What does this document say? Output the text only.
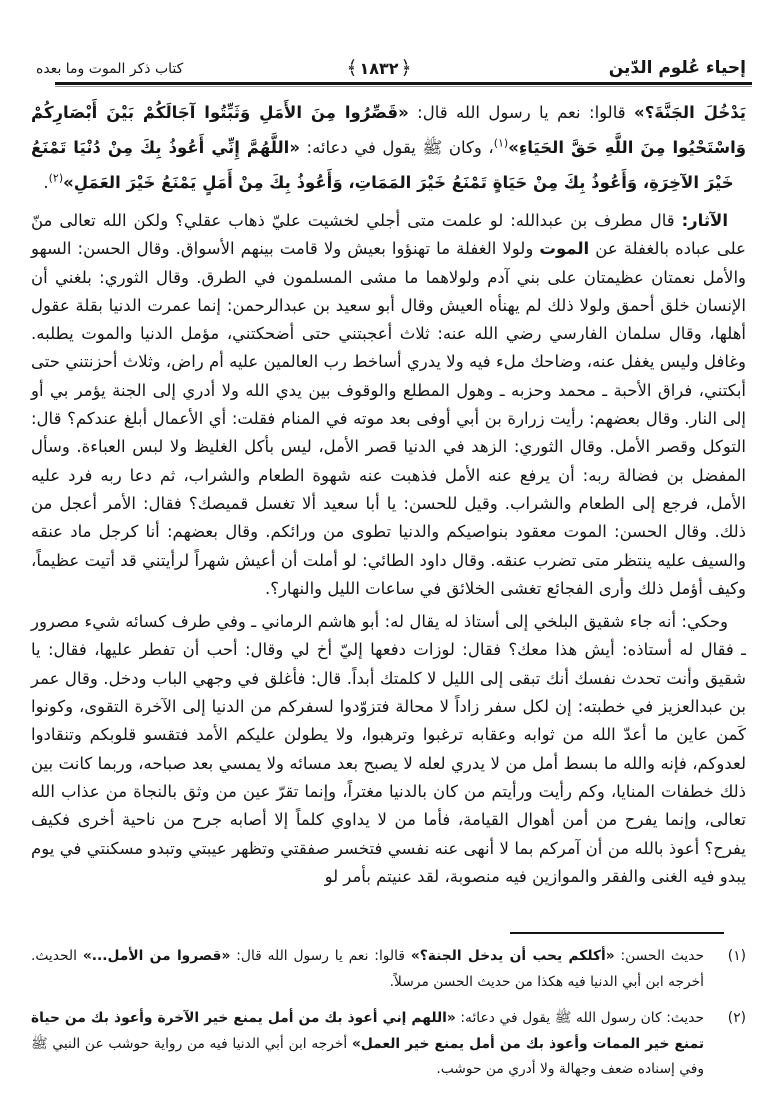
إحياء عُلوم الدّين
﴾ ١٨٣٢ ﴿
كتاب ذكر الموت وما بعده

يَدْخُلَ الجَنَّةَ؟» قالوا: نعم يا رسول الله قال: «قَصِّرُوا مِنَ الأَمَلِ وَثَبِّتُوا آجَالَكُمْ بَيْنَ أَبْصَارِكُمْ وَاسْتَحْيُوا مِنَ اللَّهِ حَقَّ الحَيَاءِ»$^{(١)}$، وكان ﷺ يقول في دعائه: «اللَّهُمَّ إِنِّي أَعُوذُ بِكَ مِنْ دُنْيَا تَمْنَعُ خَيْرَ الآخِرَةِ، وَأَعُوذُ بِكَ مِنْ حَيَاةٍ تَمْنَعُ خَيْرَ المَمَاتِ، وَأَعُوذُ بِكَ مِنْ أَمَلٍ يَمْنَعُ خَيْرَ العَمَلِ»$^{(٢)}$.

الآثار: قال مطرف بن عبدالله: لو علمت متى أجلي لخشيت عليّ ذهاب عقلي؟ ولكن الله تعالى منّ على عباده بالغفلة عن الموت ولولا الغفلة ما تهنؤوا بعيش ولا قامت بينهم الأسواق. وقال الحسن: السهو والأمل نعمتان عظيمتان على بني آدم ولولاهما ما مشى المسلمون في الطرق. وقال الثوري: بلغني أن الإنسان خلق أحمق ولولا ذلك لم يهنأه العيش وقال أبو سعيد بن عبدالرحمن: إنما عمرت الدنيا بقلة عقول أهلها، وقال سلمان الفارسي رضي الله عنه: ثلاث أعجبتني حتى أضحكتني، مؤمل الدنيا والموت يطلبه. وغافل وليس يغفل عنه، وضاحك ملء فيه ولا يدري أساخط رب العالمين عليه أم راض، وثلاث أحزنتني حتى أبكتني، فراق الأحبة ـ محمد وحزبه ـ وهول المطلع والوقوف بين يدي الله ولا أدري إلى الجنة يؤمر بي أو إلى النار. وقال بعضهم: رأيت زرارة بن أبي أوفى بعد موته في المنام فقلت: أي الأعمال أبلغ عندكم؟ قال: التوكل وقصر الأمل. وقال الثوري: الزهد في الدنيا قصر الأمل، ليس بأكل الغليظ ولا لبس العباءة. وسأل المفضل بن فضالة ربه: أن يرفع عنه الأمل فذهبت عنه شهوة الطعام والشراب، ثم دعا ربه فرد عليه الأمل، فرجع إلى الطعام والشراب. وقيل للحسن: يا أبا سعيد ألا تغسل قميصك؟ فقال: الأمر أعجل من ذلك. وقال الحسن: الموت معقود بنواصيكم والدنيا تطوى من ورائكم. وقال بعضهم: أنا كرجل ماد عنقه والسيف عليه ينتظر متى تضرب عنقه. وقال داود الطائي: لو أملت أن أعيش شهراً لرأيتني قد أتيت عظيماً، وكيف أؤمل ذلك وأرى الفجائع تغشى الخلائق في ساعات الليل والنهار؟.

وحكي: أنه جاء شقيق البلخي إلى أستاذ له يقال له: أبو هاشم الرماني ـ وفي طرف كسائه شيء مصرور ـ فقال له أستاذه: أيش هذا معك؟ فقال: لوزات دفعها إليّ أخ لي وقال: أحب أن تفطر عليها، فقال: يا شقيق وأنت تحدث نفسك أنك تبقى إلى الليل لا كلمتك أبداً. قال: فأغلق في وجهي الباب ودخل. وقال عمر بن عبدالعزيز في خطبته: إن لكل سفر زاداً لا محالة فتزوّدوا لسفركم من الدنيا إلى الآخرة التقوى، وكونوا كَمن عاين ما أعدّ الله من ثوابه وعقابه ترغبوا وترهبوا، ولا يطولن عليكم الأمد فتقسو قلوبكم وتنقادوا لعدوكم، فإنه والله ما بسط أمل من لا يدري لعله لا يصبح بعد مسائه ولا يمسي بعد صباحه، وربما كانت بين ذلك خطفات المنايا، وكم رأيت ورأيتم من كان بالدنيا مغتراً، وإنما تقرّ عين من وثق بالنجاة من عذاب الله تعالى، وإنما يفرح من أمن أهوال القيامة، فأما من لا يداوي كلماً إلا أصابه جرح من ناحية أخرى فكيف يفرح؟ أعوذ بالله من أن آمركم بما لا أنهى عنه نفسي فتخسر صفقتي وتظهر عيبتي وتبدو مسكنتي في يوم يبدو فيه الغنى والفقر والموازين فيه منصوبة، لقد عنيتم بأمر لو

(١)
حديث الحسن: «أكلكم يحب أن يدخل الجنة؟» قالوا: نعم يا رسول الله قال: «قصروا من الأمل...» الحديث. أخرجه ابن أبي الدنيا فيه هكذا من حديث الحسن مرسلاً.
(٢)
حديث: كان رسول الله ﷺ يقول في دعائه: «اللهم إني أعوذ بك من أمل يمنع خير الآخرة وأعوذ بك من حياة تمنع خير الممات وأعوذ بك من أمل يمنع خير العمل» أخرجه ابن أبي الدنيا فيه من رواية حوشب عن النبي ﷺ وفي إسناده ضعف وجهالة ولا أدري من حوشب.
